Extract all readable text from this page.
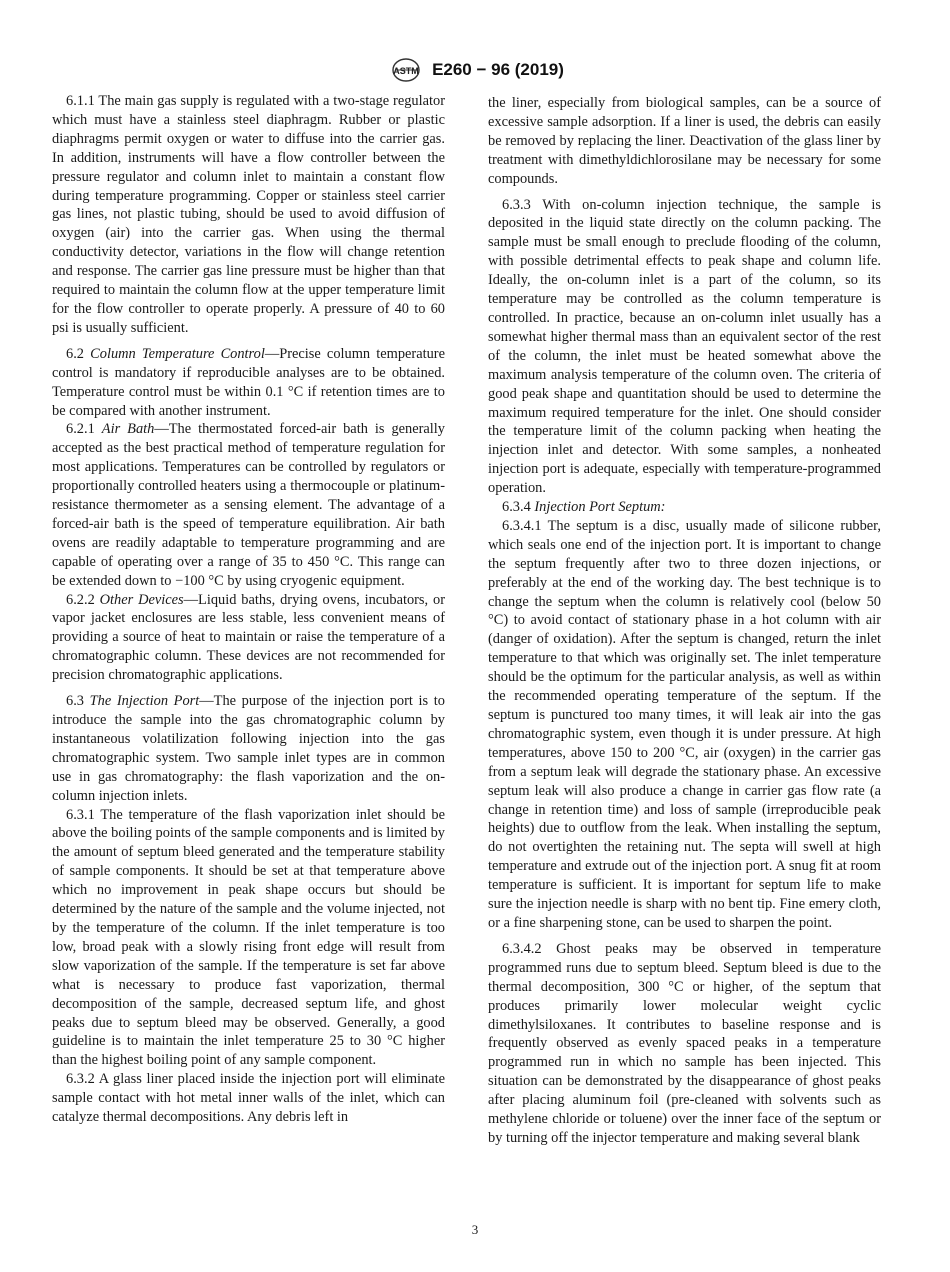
ASTM E260 − 96 (2019)

6.1.1 The main gas supply is regulated with a two-stage regulator which must have a stainless steel diaphragm. Rubber or plastic diaphragms permit oxygen or water to diffuse into the carrier gas. In addition, instruments will have a flow controller between the pressure regulator and column inlet to maintain a constant flow during temperature programming. Copper or stainless steel carrier gas lines, not plastic tubing, should be used to avoid diffusion of oxygen (air) into the carrier gas. When using the thermal conductivity detector, variations in the flow will change retention and response. The carrier gas line pressure must be higher than that required to maintain the column flow at the upper temperature limit for the flow controller to operate properly. A pressure of 40 to 60 psi is usually sufficient.

6.2 Column Temperature Control—Precise column temperature control is mandatory if reproducible analyses are to be obtained. Temperature control must be within 0.1 °C if retention times are to be compared with another instrument.

6.2.1 Air Bath—The thermostated forced-air bath is generally accepted as the best practical method of temperature regulation for most applications. Temperatures can be controlled by regulators or proportionally controlled heaters using a thermocouple or platinum-resistance thermometer as a sensing element. The advantage of a forced-air bath is the speed of temperature equilibration. Air bath ovens are readily adaptable to temperature programming and are capable of operating over a range of 35 to 450 °C. This range can be extended down to −100 °C by using cryogenic equipment.

6.2.2 Other Devices—Liquid baths, drying ovens, incubators, or vapor jacket enclosures are less stable, less convenient means of providing a source of heat to maintain or raise the temperature of a chromatographic column. These devices are not recommended for precision chromatographic applications.

6.3 The Injection Port—The purpose of the injection port is to introduce the sample into the gas chromatographic column by instantaneous volatilization following injection into the gas chromatographic system. Two sample inlet types are in common use in gas chromatography: the flash vaporization and the on-column injection inlets.

6.3.1 The temperature of the flash vaporization inlet should be above the boiling points of the sample components and is limited by the amount of septum bleed generated and the temperature stability of sample components. It should be set at that temperature above which no improvement in peak shape occurs but should be determined by the nature of the sample and the volume injected, not by the temperature of the column. If the inlet temperature is too low, broad peak with a slowly rising front edge will result from slow vaporization of the sample. If the temperature is set far above what is necessary to produce fast vaporization, thermal decomposition of the sample, decreased septum life, and ghost peaks due to septum bleed may be observed. Generally, a good guideline is to maintain the inlet temperature 25 to 30 °C higher than the highest boiling point of any sample component.

6.3.2 A glass liner placed inside the injection port will eliminate sample contact with hot metal inner walls of the inlet, which can catalyze thermal decompositions. Any debris left in

the liner, especially from biological samples, can be a source of excessive sample adsorption. If a liner is used, the debris can easily be removed by replacing the liner. Deactivation of the glass liner by treatment with dimethyldichlorosilane may be necessary for some compounds.

6.3.3 With on-column injection technique, the sample is deposited in the liquid state directly on the column packing. The sample must be small enough to preclude flooding of the column, with possible detrimental effects to peak shape and column life. Ideally, the on-column inlet is a part of the column, so its temperature may be controlled as the column temperature is controlled. In practice, because an on-column inlet usually has a somewhat higher thermal mass than an equivalent sector of the rest of the column, the inlet must be heated somewhat above the maximum analysis temperature of the column oven. The criteria of good peak shape and quantitation should be used to determine the maximum required temperature for the inlet. One should consider the temperature limit of the column packing when heating the injection inlet and detector. With some samples, a nonheated injection port is adequate, especially with temperature-programmed operation.

6.3.4 Injection Port Septum:

6.3.4.1 The septum is a disc, usually made of silicone rubber, which seals one end of the injection port. It is important to change the septum frequently after two to three dozen injections, or preferably at the end of the working day. The best technique is to change the septum when the column is relatively cool (below 50 °C) to avoid contact of stationary phase in a hot column with air (danger of oxidation). After the septum is changed, return the inlet temperature to that which was originally set. The inlet temperature should be the optimum for the particular analysis, as well as within the recommended operating temperature of the septum. If the septum is punctured too many times, it will leak air into the gas chromatographic system, even though it is under pressure. At high temperatures, above 150 to 200 °C, air (oxygen) in the carrier gas from a septum leak will degrade the stationary phase. An excessive septum leak will also produce a change in carrier gas flow rate (a change in retention time) and loss of sample (irreproducible peak heights) due to outflow from the leak. When installing the septum, do not overtighten the retaining nut. The septa will swell at high temperature and extrude out of the injection port. A snug fit at room temperature is sufficient. It is important for septum life to make sure the injection needle is sharp with no bent tip. Fine emery cloth, or a fine sharpening stone, can be used to sharpen the point.

6.3.4.2 Ghost peaks may be observed in temperature programmed runs due to septum bleed. Septum bleed is due to the thermal decomposition, 300 °C or higher, of the septum that produces primarily lower molecular weight cyclic dimethylsiloxanes. It contributes to baseline response and is frequently observed as evenly spaced peaks in a temperature programmed run in which no sample has been injected. This situation can be demonstrated by the disappearance of ghost peaks after placing aluminum foil (pre-cleaned with solvents such as methylene chloride or toluene) over the inner face of the septum or by turning off the injector temperature and making several blank

3
